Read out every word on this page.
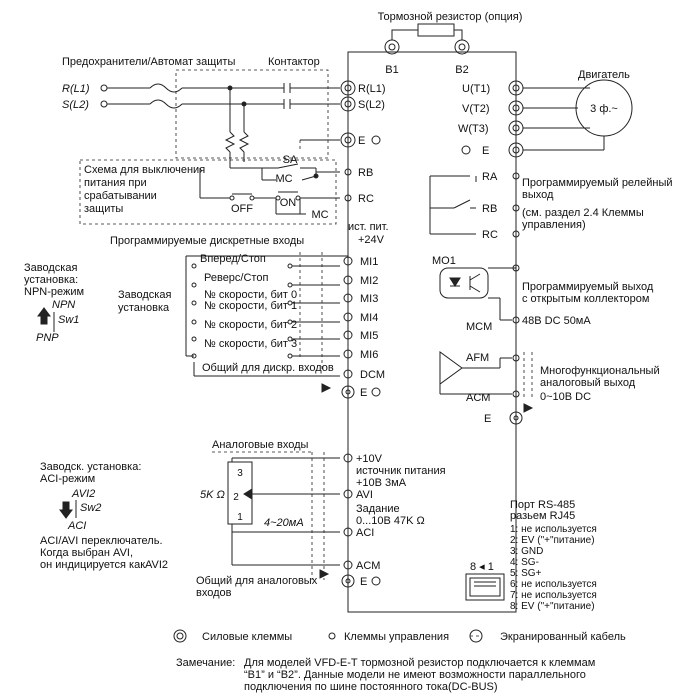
Тормозной резистор (опция)
B1	B2
Предохранители/Автомат защиты	Контактор
R(L1)
S(L2)
Схема для выключения
питания при
срабатывании
защиты
SA
MC
OFF ON
MC
R(L1)
S(L2)
E
RB
RC
ист. пит.
+24V
Программируемые дискретные входы
Заводская
установка
Вперед/Стоп	MI1
Реверс/Стоп	MI2
№ скорости, бит 0	MI3
№ скорости, бит 1
MI4
№ скорости, бит 2
MI5
№ скорости, бит 3
MI6
Общий для дискр. входов
DCM
E
Заводская
установка:
NPN-режим
NPN
Sw1
PNP
Аналоговые входы
+10V
источник питания
+10В 3мА
3
2
1
5K Ω	AVI
Задание
0...10В 47K Ω
4~20мА
ACI
ACM
E
Общий для аналоговых
входов
Заводск. установка:
ACI-режим
AVI2
Sw2
ACI
ACI/AVI переключатель.
Когда выбран AVI,
он индицируется какAVI2
Двигатель
U(T1)
V(T2)
W(T3)
E
3 ф.~
RA
RB
RC
Программируемый релейный
выход
(см. раздел 2.4 Клеммы
управления)
MO1
MCM
Программируемый выход
с открытым коллектором
48В DC 50мА
AFM
ACM
E
Многофункциональный
аналоговый выход
0~10В DC
Порт RS-485
разьем RJ45
1: не используется
2: EV ("+"питание)
3: GND
4: SG-
5: SG+
6: не используется
7: не используется
8: EV ("+"питание)
8 ◂ 1
Силовые клеммы	Клеммы управления	Экранированный кабель
Замечание: Для моделей VFD-E-T тормозной резистор подключается к клеммам
“B1” и “B2”. Данные модели не имеют возможности параллельного
подключения по шине постоянного тока(DC-BUS)
